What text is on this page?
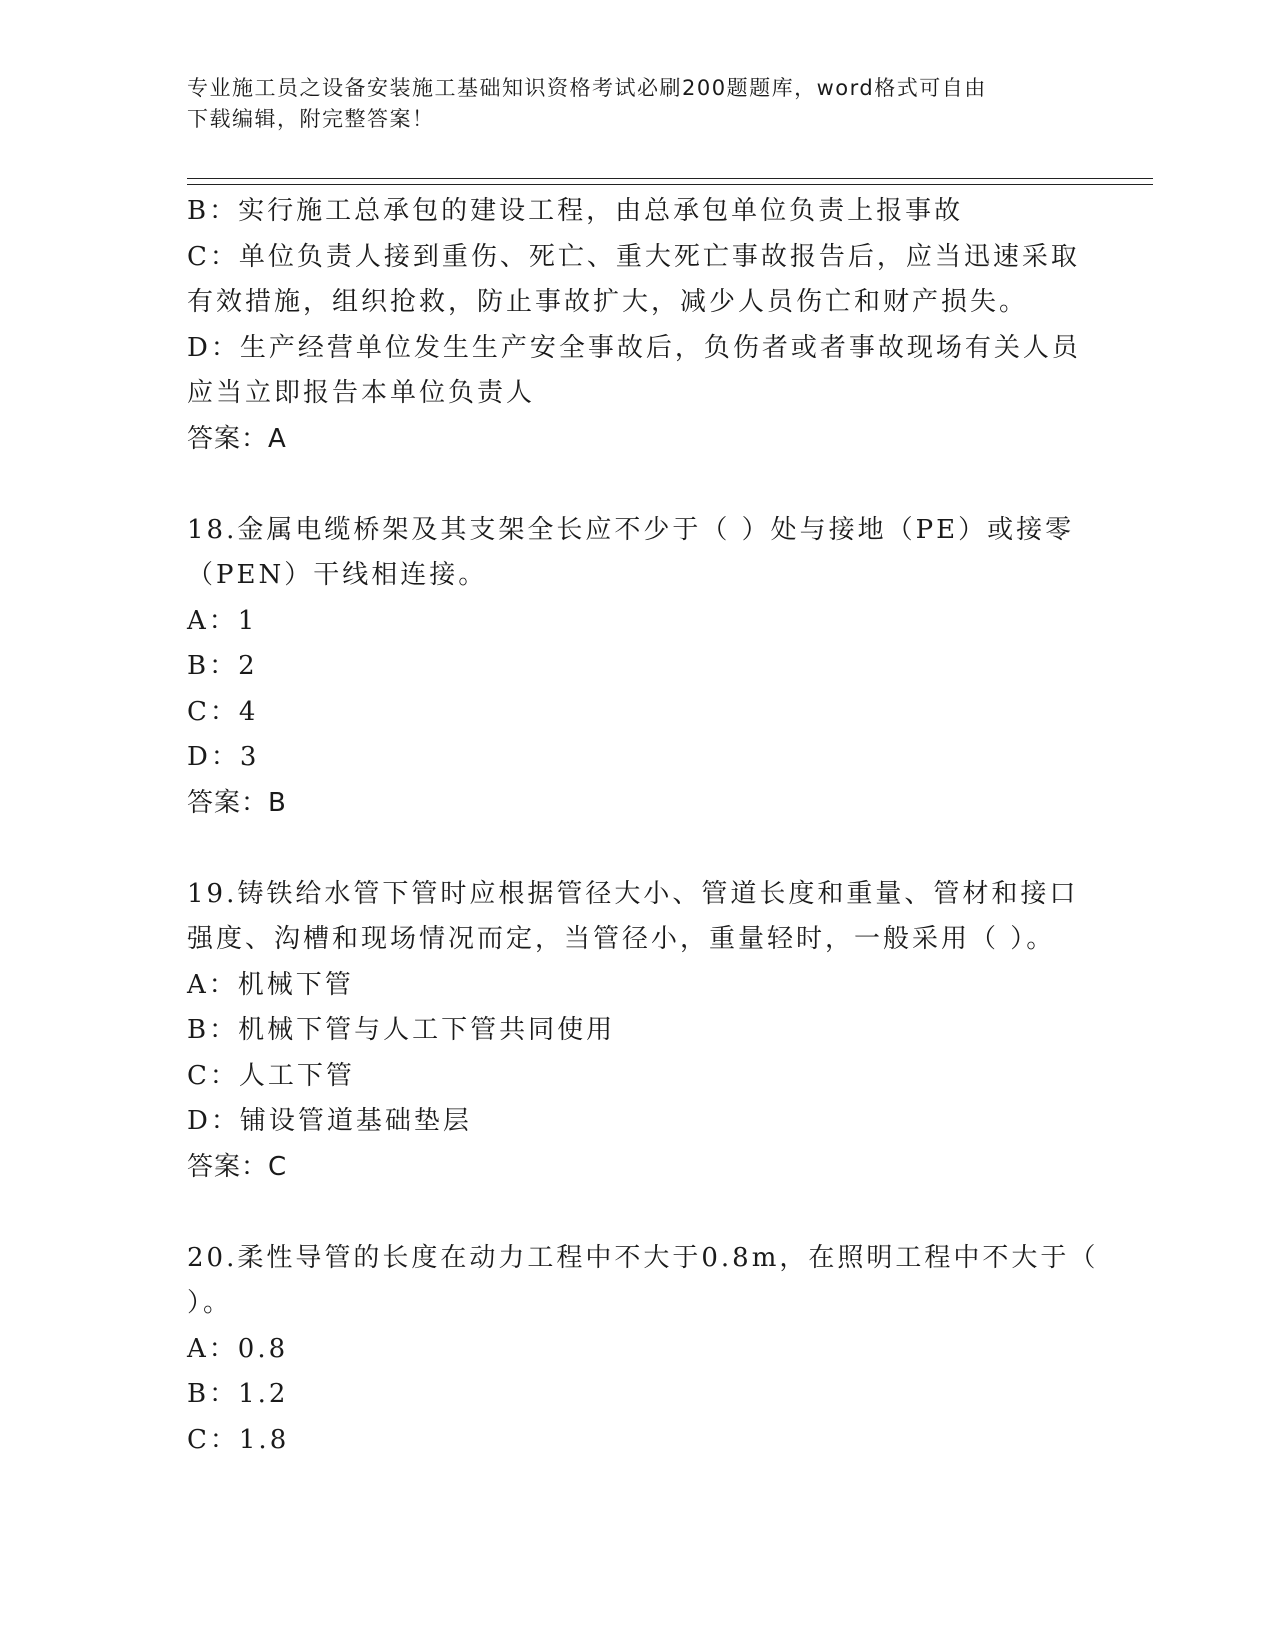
专业施工员之设备安装施工基础知识资格考试必刷200题题库，word格式可自由
下载编辑，附完整答案！
B：实行施工总承包的建设工程，由总承包单位负责上报事故
C：单位负责人接到重伤、死亡、重大死亡事故报告后，应当迅速采取
有效措施，组织抢救，防止事故扩大，减少人员伤亡和财产损失。
D：生产经营单位发生生产安全事故后，负伤者或者事故现场有关人员
应当立即报告本单位负责人
答案：A
18.金属电缆桥架及其支架全长应不少于（ ）处与接地（PE）或接零
（PEN）干线相连接。
A：1
B：2
C：4
D：3
答案：B
19.铸铁给水管下管时应根据管径大小、管道长度和重量、管材和接口
强度、沟槽和现场情况而定，当管径小，重量轻时，一般采用（ ）。
A：机械下管
B：机械下管与人工下管共同使用
C：人工下管
D：铺设管道基础垫层
答案：C
20.柔性导管的长度在动力工程中不大于0.8m，在照明工程中不大于（
）。
A：0.8
B：1.2
C：1.8
